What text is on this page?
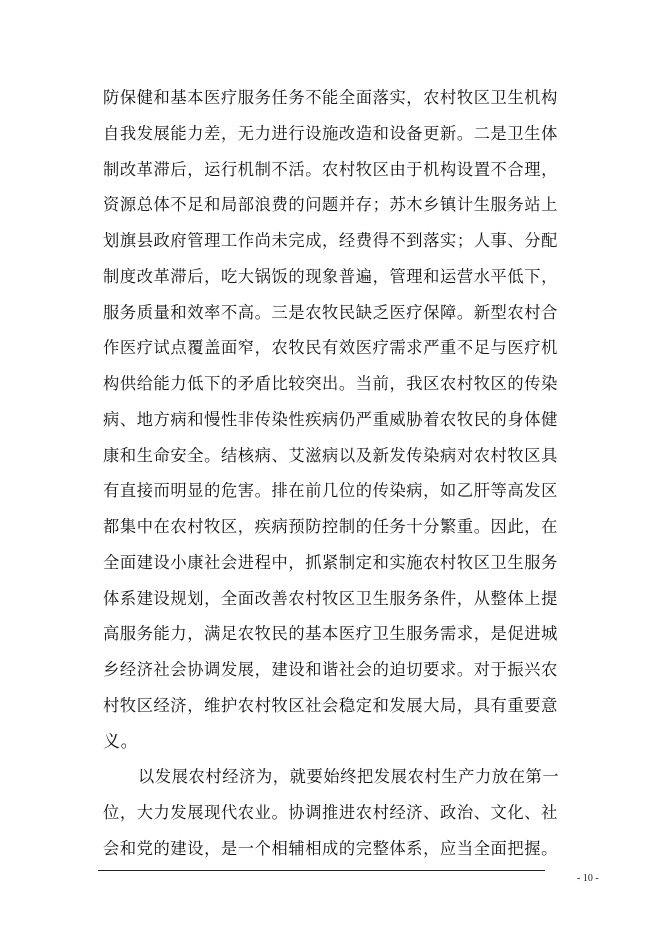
防保健和基本医疗服务任务不能全面落实，农村牧区卫生机构
自我发展能力差，无力进行设施改造和设备更新。二是卫生体
制改革滞后，运行机制不活。农村牧区由于机构设置不合理，
资源总体不足和局部浪费的问题并存；苏木乡镇计生服务站上
划旗县政府管理工作尚未完成，经费得不到落实；人事、分配
制度改革滞后，吃大锅饭的现象普遍，管理和运营水平低下，
服务质量和效率不高。三是农牧民缺乏医疗保障。新型农村合
作医疗试点覆盖面窄，农牧民有效医疗需求严重不足与医疗机
构供给能力低下的矛盾比较突出。当前，我区农村牧区的传染
病、地方病和慢性非传染性疾病仍严重威胁着农牧民的身体健
康和生命安全。结核病、艾滋病以及新发传染病对农村牧区具
有直接而明显的危害。排在前几位的传染病，如乙肝等高发区
都集中在农村牧区，疾病预防控制的任务十分繁重。因此，在
全面建设小康社会进程中，抓紧制定和实施农村牧区卫生服务
体系建设规划，全面改善农村牧区卫生服务条件，从整体上提
高服务能力，满足农牧民的基本医疗卫生服务需求，是促进城
乡经济社会协调发展，建设和谐社会的迫切要求。对于振兴农
村牧区经济，维护农村牧区社会稳定和发展大局，具有重要意
义。
以发展农村经济为，就要始终把发展农村生产力放在第一
位，大力发展现代农业。协调推进农村经济、政治、文化、社
会和党的建设，是一个相辅相成的完整体系，应当全面把握。
- 10 -
